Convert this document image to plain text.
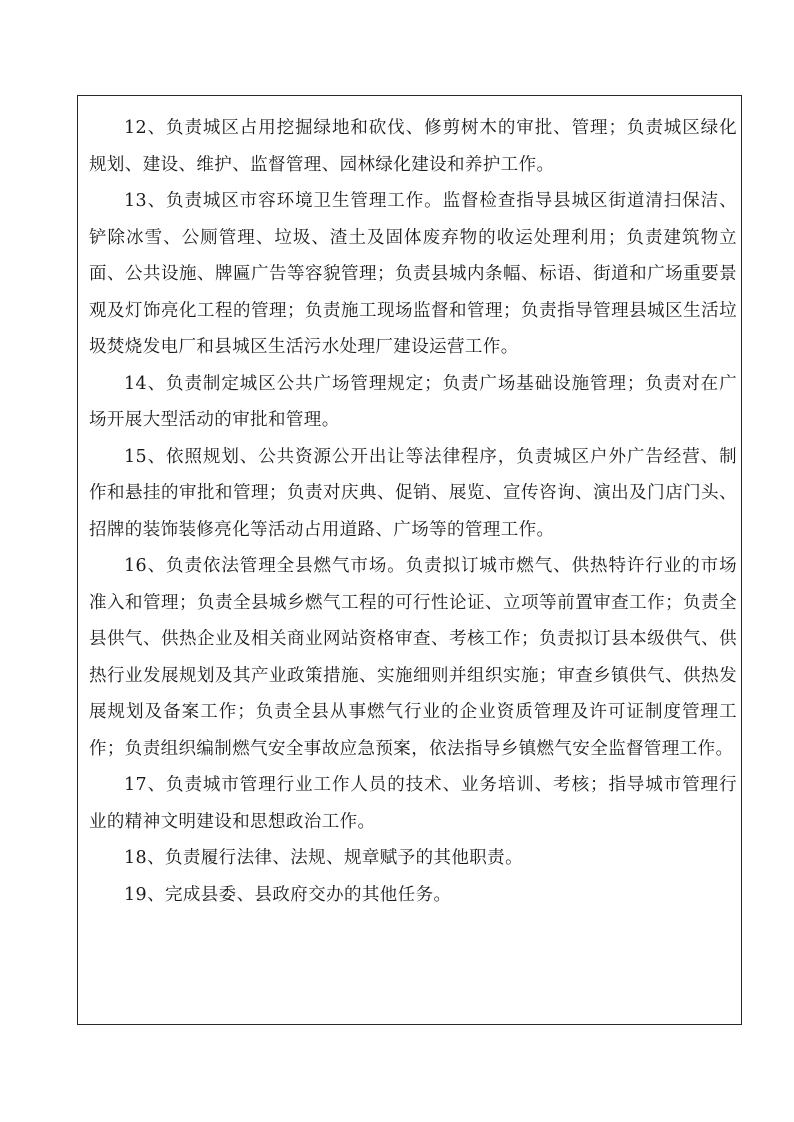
12、负责城区占用挖掘绿地和砍伐、修剪树木的审批、管理；负责城区绿化规划、建设、维护、监督管理、园林绿化建设和养护工作。

13、负责城区市容环境卫生管理工作。监督检查指导县城区街道清扫保洁、铲除冰雪、公厕管理、垃圾、渣土及固体废弃物的收运处理利用；负责建筑物立面、公共设施、牌匾广告等容貌管理；负责县城内条幅、标语、街道和广场重要景观及灯饰亮化工程的管理；负责施工现场监督和管理；负责指导管理县城区生活垃圾焚烧发电厂和县城区生活污水处理厂建设运营工作。

14、负责制定城区公共广场管理规定；负责广场基础设施管理；负责对在广场开展大型活动的审批和管理。

15、依照规划、公共资源公开出让等法律程序，负责城区户外广告经营、制作和悬挂的审批和管理；负责对庆典、促销、展览、宣传咨询、演出及门店门头、招牌的装饰装修亮化等活动占用道路、广场等的管理工作。

16、负责依法管理全县燃气市场。负责拟订城市燃气、供热特许行业的市场准入和管理；负责全县城乡燃气工程的可行性论证、立项等前置审查工作；负责全县供气、供热企业及相关商业网站资格审查、考核工作；负责拟订县本级供气、供热行业发展规划及其产业政策措施、实施细则并组织实施；审查乡镇供气、供热发展规划及备案工作；负责全县从事燃气行业的企业资质管理及许可证制度管理工作；负责组织编制燃气安全事故应急预案，依法指导乡镇燃气安全监督管理工作。

17、负责城市管理行业工作人员的技术、业务培训、考核；指导城市管理行业的精神文明建设和思想政治工作。

18、负责履行法律、法规、规章赋予的其他职责。

19、完成县委、县政府交办的其他任务。
